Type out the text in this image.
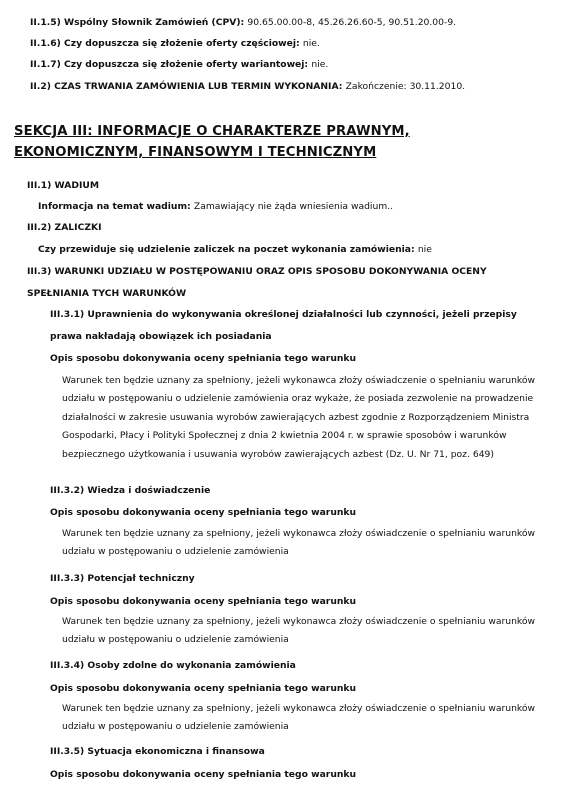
II.1.5) Wspólny Słownik Zamówień (CPV): 90.65.00.00-8, 45.26.26.60-5, 90.51.20.00-9.
II.1.6) Czy dopuszcza się złożenie oferty częściowej: nie.
II.1.7) Czy dopuszcza się złożenie oferty wariantowej: nie.
II.2) CZAS TRWANIA ZAMÓWIENIA LUB TERMIN WYKONANIA: Zakończenie: 30.11.2010.
SEKCJA III: INFORMACJE O CHARAKTERZE PRAWNYM,
EKONOMICZNYM, FINANSOWYM I TECHNICZNYM
III.1) WADIUM
Informacja na temat wadium: Zamawiający nie żąda wniesienia wadium..
III.2) ZALICZKI
Czy przewiduje się udzielenie zaliczek na poczet wykonania zamówienia: nie
III.3) WARUNKI UDZIAŁU W POSTĘPOWANIU ORAZ OPIS SPOSOBU DOKONYWANIA OCENY
SPEŁNIANIA TYCH WARUNKÓW
III.3.1) Uprawnienia do wykonywania określonej działalności lub czynności, jeżeli przepisy
prawa nakładają obowiązek ich posiadania
Opis sposobu dokonywania oceny spełniania tego warunku
Warunek ten będzie uznany za spełniony, jeżeli wykonawca złoży oświadczenie o spełnianiu warunków
udziału w postępowaniu o udzielenie zamówienia oraz wykaże, że posiada zezwolenie na prowadzenie
działalności w zakresie usuwania wyrobów zawierających azbest zgodnie z Rozporządzeniem Ministra
Gospodarki, Płacy i Polityki Społecznej z dnia 2 kwietnia 2004 r. w sprawie sposobów i warunków
bezpiecznego użytkowania i usuwania wyrobów zawierających azbest (Dz. U. Nr 71, poz. 649)
III.3.2) Wiedza i doświadczenie
Opis sposobu dokonywania oceny spełniania tego warunku
Warunek ten będzie uznany za spełniony, jeżeli wykonawca złoży oświadczenie o spełnianiu warunków
udziału w postępowaniu o udzielenie zamówienia
III.3.3) Potencjał techniczny
Opis sposobu dokonywania oceny spełniania tego warunku
Warunek ten będzie uznany za spełniony, jeżeli wykonawca złoży oświadczenie o spełnianiu warunków
udziału w postępowaniu o udzielenie zamówienia
III.3.4) Osoby zdolne do wykonania zamówienia
Opis sposobu dokonywania oceny spełniania tego warunku
Warunek ten będzie uznany za spełniony, jeżeli wykonawca złoży oświadczenie o spełnianiu warunków
udziału w postępowaniu o udzielenie zamówienia
III.3.5) Sytuacja ekonomiczna i finansowa
Opis sposobu dokonywania oceny spełniania tego warunku
